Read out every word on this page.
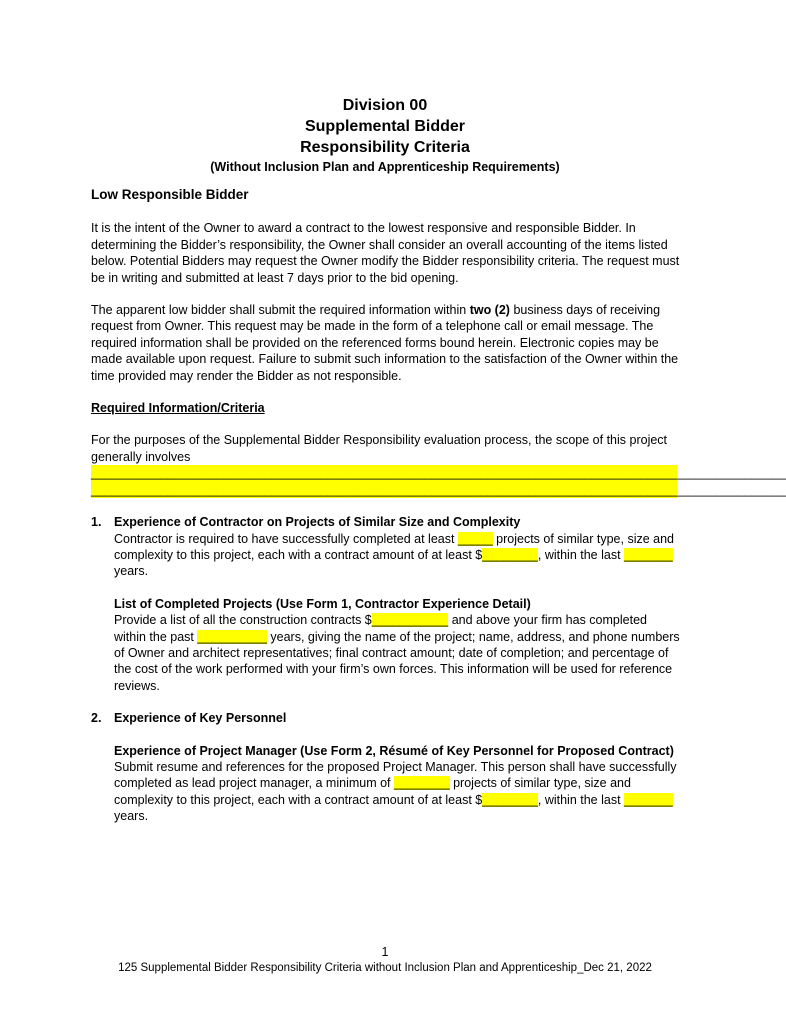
Division 00
Supplemental Bidder
Responsibility Criteria
(Without Inclusion Plan and Apprenticeship Requirements)
Low Responsible Bidder

It is the intent of the Owner to award a contract to the lowest responsive and responsible Bidder. In determining the Bidder’s responsibility, the Owner shall consider an overall accounting of the items listed below. Potential Bidders may request the Owner modify the Bidder responsibility criteria. The request must be in writing and submitted at least 7 days prior to the bid opening.

The apparent low bidder shall submit the required information within two (2) business days of receiving request from Owner. This request may be made in the form of a telephone call or email message. The required information shall be provided on the referenced forms bound herein. Electronic copies may be made available upon request. Failure to submit such information to the satisfaction of the Owner within the time provided may render the Bidder as not responsible.

Required Information/Criteria
For the purposes of the Supplemental Bidder Responsibility evaluation process, the scope of this project generally involves
____________________________________________________________________________________________________
____________________________________________________________________________________________________
1. Experience of Contractor on Projects of Similar Size and Complexity
Contractor is required to have successfully completed at least _____ projects of similar type, size and complexity to this project, each with a contract amount of at least $________, within the last _______ years.
List of Completed Projects (Use Form 1, Contractor Experience Detail)
Provide a list of all the construction contracts $___________ and above your firm has completed within the past __________ years, giving the name of the project; name, address, and phone numbers of Owner and architect representatives; final contract amount; date of completion; and percentage of the cost of the work performed with your firm’s own forces. This information will be used for reference reviews.
2. Experience of Key Personnel
Experience of Project Manager (Use Form 2, Résumé of Key Personnel for Proposed Contract)
Submit resume and references for the proposed Project Manager. This person shall have successfully completed as lead project manager, a minimum of ________ projects of similar type, size and complexity to this project, each with a contract amount of at least $________, within the last _______ years.
1
125 Supplemental Bidder Responsibility Criteria without Inclusion Plan and Apprenticeship_Dec 21, 2022
